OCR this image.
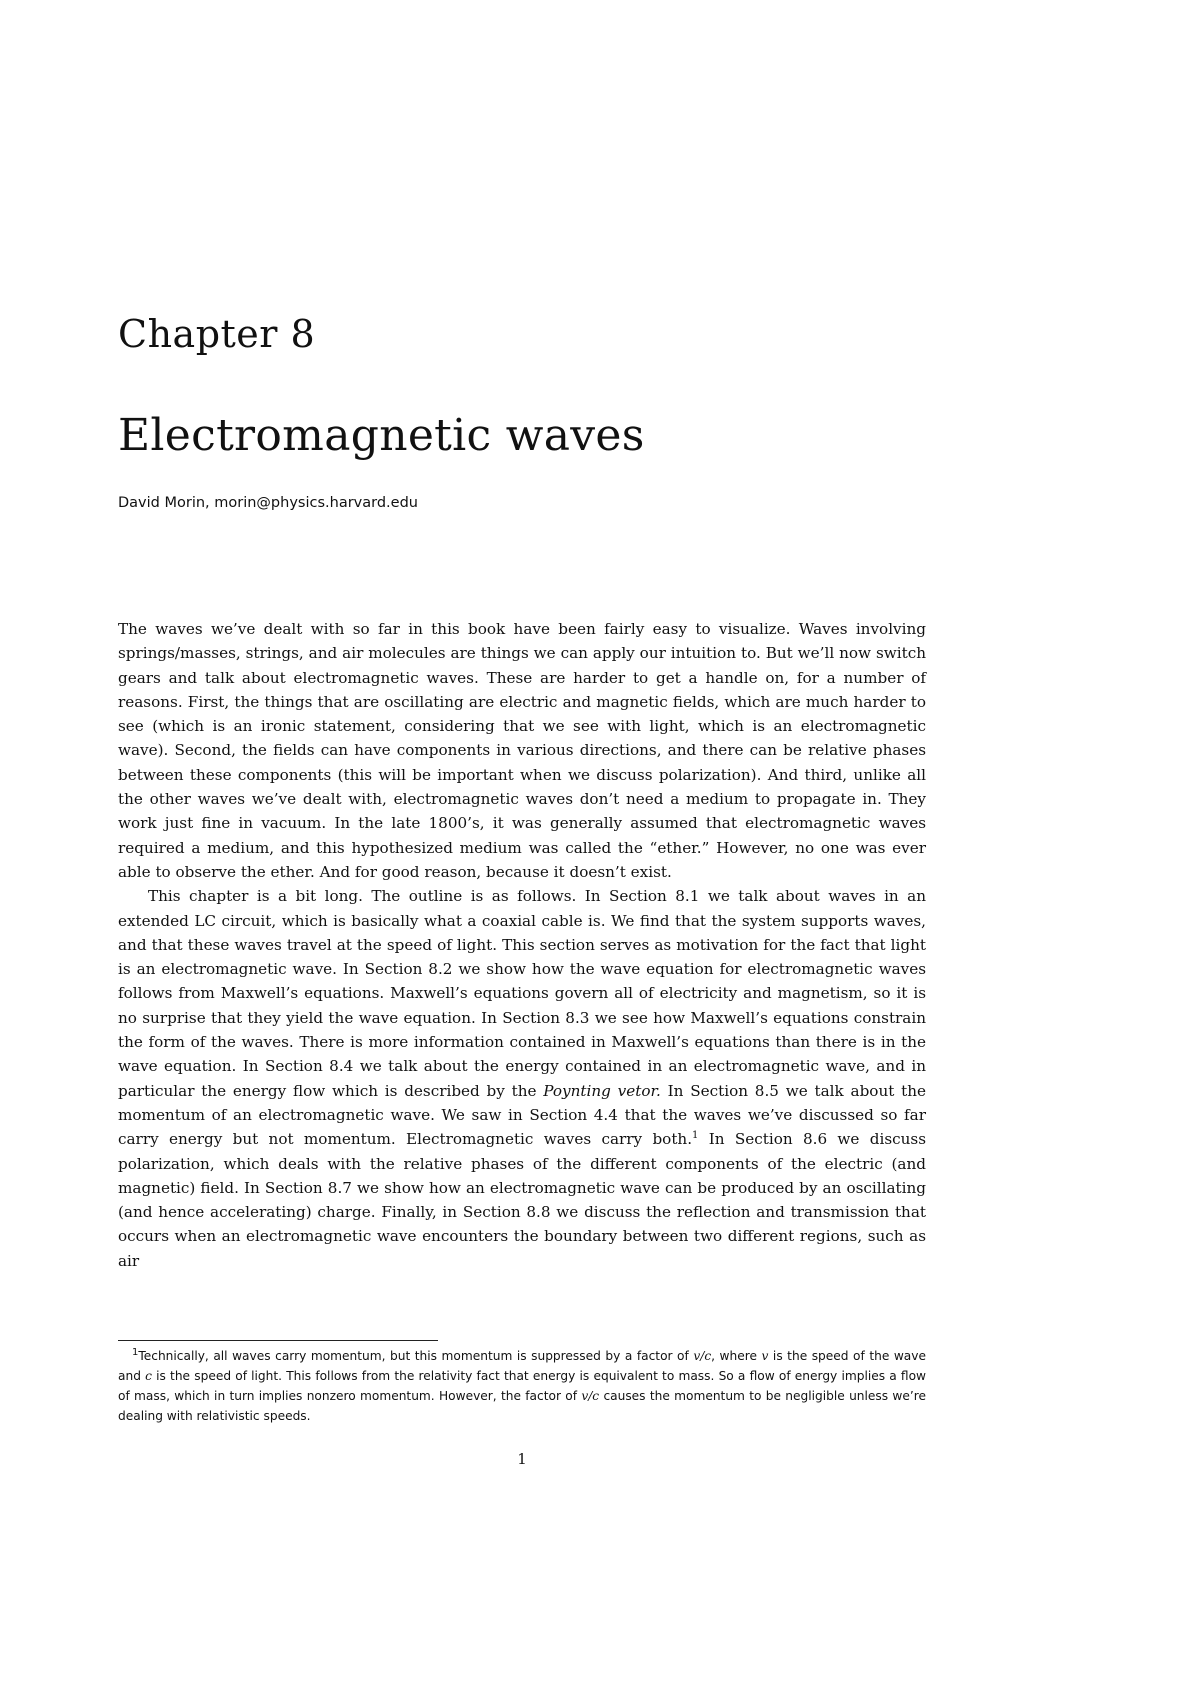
Chapter 8
Electromagnetic waves
David Morin, morin@physics.harvard.edu

The waves we’ve dealt with so far in this book have been fairly easy to visualize. Waves involving springs/masses, strings, and air molecules are things we can apply our intuition to. But we’ll now switch gears and talk about electromagnetic waves. These are harder to get a handle on, for a number of reasons. First, the things that are oscillating are electric and magnetic fields, which are much harder to see (which is an ironic statement, considering that we see with light, which is an electromagnetic wave). Second, the fields can have components in various directions, and there can be relative phases between these components (this will be important when we discuss polarization). And third, unlike all the other waves we’ve dealt with, electromagnetic waves don’t need a medium to propagate in. They work just fine in vacuum. In the late 1800’s, it was generally assumed that electromagnetic waves required a medium, and this hypothesized medium was called the “ether.” However, no one was ever able to observe the ether. And for good reason, because it doesn’t exist.

This chapter is a bit long. The outline is as follows. In Section 8.1 we talk about waves in an extended LC circuit, which is basically what a coaxial cable is. We find that the system supports waves, and that these waves travel at the speed of light. This section serves as motivation for the fact that light is an electromagnetic wave. In Section 8.2 we show how the wave equation for electromagnetic waves follows from Maxwell’s equations. Maxwell’s equations govern all of electricity and magnetism, so it is no surprise that they yield the wave equation. In Section 8.3 we see how Maxwell’s equations constrain the form of the waves. There is more information contained in Maxwell’s equations than there is in the wave equation. In Section 8.4 we talk about the energy contained in an electromagnetic wave, and in particular the energy flow which is described by the Poynting vetor. In Section 8.5 we talk about the momentum of an electromagnetic wave. We saw in Section 4.4 that the waves we’ve discussed so far carry energy but not momentum. Electromagnetic waves carry both.$^1$ In Section 8.6 we discuss polarization, which deals with the relative phases of the different components of the electric (and magnetic) field. In Section 8.7 we show how an electromagnetic wave can be produced by an oscillating (and hence accelerating) charge. Finally, in Section 8.8 we discuss the reflection and transmission that occurs when an electromagnetic wave encounters the boundary between two different regions, such as air

$^1$Technically, all waves carry momentum, but this momentum is suppressed by a factor of v/c, where v is the speed of the wave and c is the speed of light. This follows from the relativity fact that energy is equivalent to mass. So a flow of energy implies a flow of mass, which in turn implies nonzero momentum. However, the factor of v/c causes the momentum to be negligible unless we’re dealing with relativistic speeds.

1
